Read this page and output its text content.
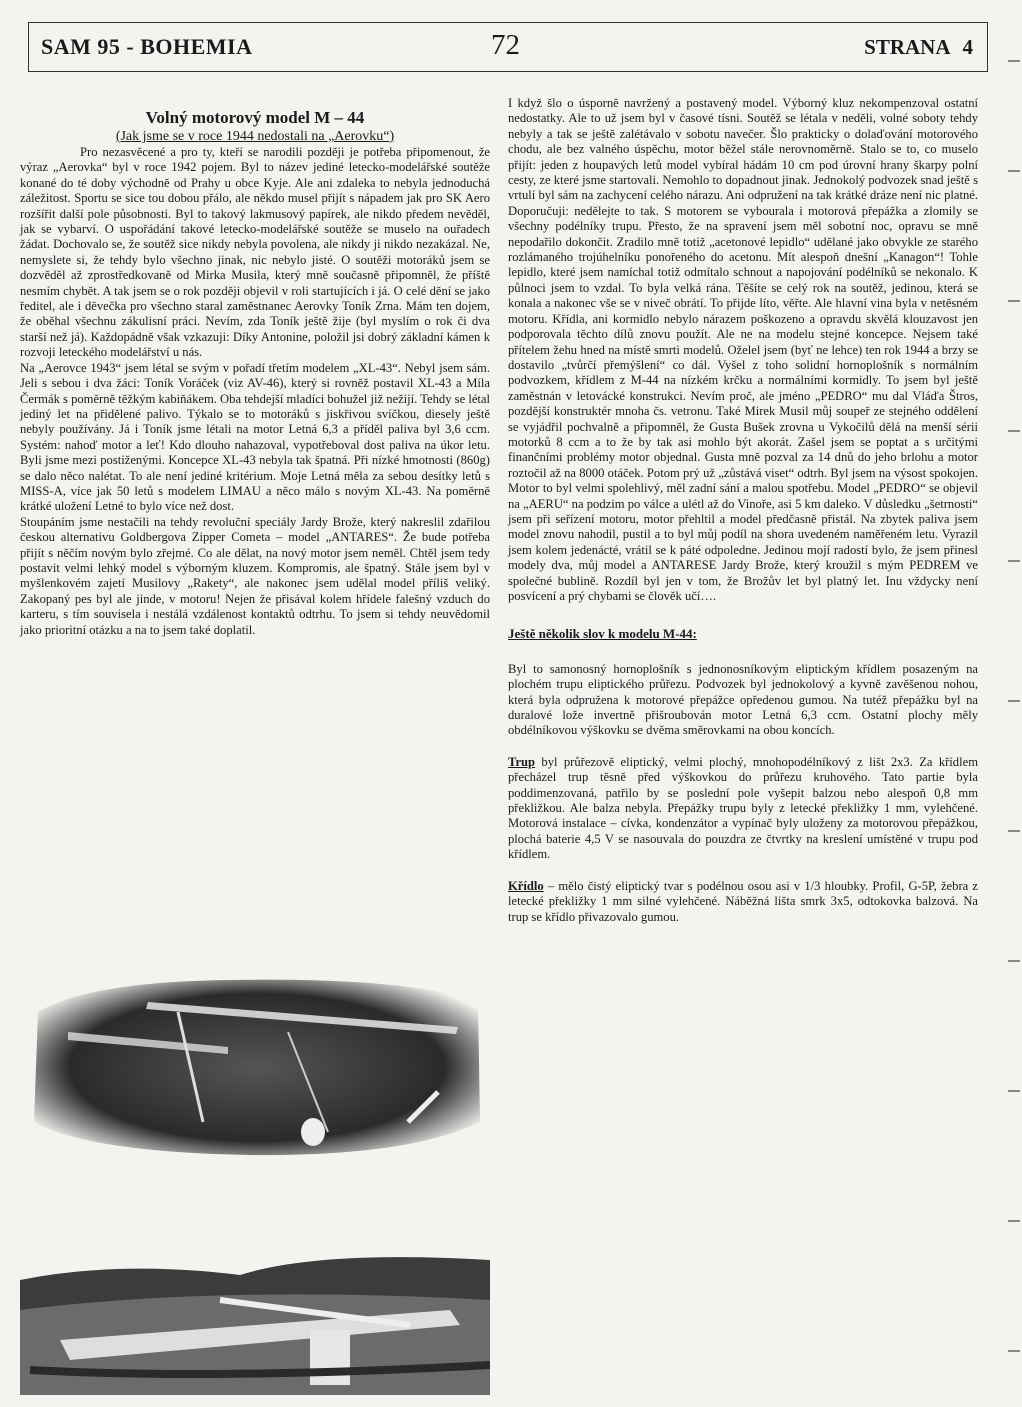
SAM 95 - BOHEMIA	72	STRANA 4

Volný motorový model M – 44

(Jak jsme se v roce 1944 nedostali na „Aerovku“)

Pro nezasvěcené a pro ty, kteří se narodili později je potřeba připomenout, že výraz „Aerovka“ byl v roce 1942 pojem. Byl to název jediné letecko-modelářské soutěže konané do té doby východně od Prahy u obce Kyje. Ale ani zdaleka to nebyla jednoduchá záležitost. Sportu se sice tou dobou přálo, ale někdo musel přijít s nápadem jak pro SK Aero rozšířit další pole působnosti. Byl to takový lakmusový papírek, ale nikdo předem nevěděl, jak se vybarví. O uspořádání takové letecko-modelářské soutěže se muselo na ouřadech žádat. Dochovalo se, že soutěž sice nikdy nebyla povolena, ale nikdy ji nikdo nezakázal. Ne, nemyslete si, že tehdy bylo všechno jinak, nic nebylo jisté. O soutěži motoráků jsem se dozvěděl až zprostředkovaně od Mirka Musila, který mně současně připomněl, že příště nesmím chybět. A tak jsem se o rok později objevil v roli startujících i já. O celé dění se jako ředitel, ale i děvečka pro všechno staral zaměstnanec Aerovky Toník Zrna. Mám ten dojem, že oběhal všechnu zákulisní práci. Nevím, zda Toník ještě žije (byl myslím o rok či dva starší než já). Každopádně však vzkazuji: Díky Antonine, položil jsi dobrý základní kámen k rozvoji leteckého modelářství u nás.

Na „Aerovce 1943“ jsem létal se svým v pořadí třetím modelem „XL-43“. Nebyl jsem sám. Jeli s sebou i dva žáci: Toník Voráček (viz AV-46), který si rovněž postavil XL-43 a Míla Čermák s poměrně těžkým kabiňákem. Oba tehdejší mladíci bohužel již nežijí. Tehdy se létal jediný let na přidělené palivo. Týkalo se to motoráků s jiskřivou svíčkou, diesely ještě nebyly používány. Já i Toník jsme létali na motor Letná 6,3 a příděl paliva byl 3,6 ccm. Systém: nahoď motor a leť! Kdo dlouho nahazoval, vypotřeboval dost paliva na úkor letu. Byli jsme mezi postiženými. Koncepce XL-43 nebyla tak špatná. Při nízké hmotnosti (860g) se dalo něco nalétat. To ale není jediné kritérium. Moje Letná měla za sebou desítky letů s MISS-A, více jak 50 letů s modelem LIMAU a něco málo s novým XL-43. Na poměrně krátké uložení Letné to bylo více než dost.

Stoupáním jsme nestačili na tehdy revoluční speciály Jardy Brože, který nakreslil zdařilou českou alternativu Goldbergova Zipper Cometa – model „ANTARES“. Že bude potřeba přijít s něčím novým bylo zřejmé. Co ale dělat, na nový motor jsem neměl. Chtěl jsem tedy postavit velmi lehký model s výborným kluzem. Kompromis, ale špatný. Stále jsem byl v myšlenkovém zajetí Musilovy „Rakety“, ale nakonec jsem udělal model příliš veliký. Zakopaný pes byl ale jinde, v motoru! Nejen že přisával kolem hřídele falešný vzduch do karteru, s tím souvisela i nestálá vzdálenost kontaktů odtrhu. To jsem si tehdy neuvědomil jako prioritní otázku a na to jsem také doplatil.

I když šlo o úsporně navržený a postavený model. Výborný kluz nekompenzoval ostatní nedostatky. Ale to už jsem byl v časové tísni. Soutěž se létala v neděli, volné soboty tehdy nebyly a tak se ještě zalétávalo v sobotu navečer. Šlo prakticky o dolaďování motorového chodu, ale bez valného úspěchu, motor běžel stále nerovnoměrně. Stalo se to, co muselo přijít: jeden z houpavých letů model vybíral hádám 10 cm pod úrovní hrany škarpy polní cesty, ze které jsme startovali. Nemohlo to dopadnout jinak. Jednokolý podvozek snad ještě s vrtulí byl sám na zachycení celého nárazu. Ani odpružení na tak krátké dráze není nic platné. Doporučuji: nedělejte to tak. S motorem se vybourala i motorová přepážka a zlomily se všechny podélníky trupu. Přesto, že na spravení jsem měl sobotní noc, opravu se mně nepodařilo dokončit. Zradilo mně totiž „acetonové lepidlo“ udělané jako obvykle ze starého rozlámaného trojúhelníku ponořeného do acetonu. Mít alespoň dnešní „Kanagon“! Tohle lepidlo, které jsem namíchal totiž odmítalo schnout a napojování podélníků se nekonalo. K půlnoci jsem to vzdal. To byla velká rána. Těšíte se celý rok na soutěž, jedinou, která se konala a nakonec vše se v niveč obrátí. To přijde líto, věřte. Ale hlavní vina byla v netěsném motoru. Křídla, ani kormidlo nebylo nárazem poškozeno a opravdu skvělá klouzavost jen podporovala těchto dílů znovu použít. Ale ne na modelu stejné koncepce. Nejsem také přítelem žehu hned na místě smrti modelů. Oželel jsem (byť ne lehce) ten rok 1944 a brzy se dostavilo „tvůrčí přemýšlení“ co dál. Vyšel z toho solidní hornoplošník s normálním podvozkem, křídlem z M-44 na nízkém krčku a normálními kormidly. To jsem byl ještě zaměstnán v letovácké konstrukci. Nevím proč, ale jméno „PEDRO“ mu dal Vláďa Štros, pozdější konstruktér mnoha čs. vetronu. Také Mirek Musil můj soupeř ze stejného oddělení se vyjádřil pochvalně a připomněl, že Gusta Bušek zrovna u Vykočilů dělá na menší sérii motorků 8 ccm a to že by tak asi mohlo být akorát. Zašel jsem se poptat a s určitými finančními problémy motor objednal. Gusta mně pozval za 14 dnů do jeho brlohu a motor roztočil až na 8000 otáček. Potom prý už „zůstává viset“ odtrh. Byl jsem na výsost spokojen. Motor to byl velmi spolehlivý, měl zadní sání a malou spotřebu. Model „PEDRO“ se objevil na „AERU“ na podzim po válce a ulétl až do Vinoře, asi 5 km daleko. V důsledku „šetrnosti“ jsem při seřízení motoru, motor přehltil a model předčasně přistál. Na zbytek paliva jsem model znovu nahodil, pustil a to byl můj podíl na shora uvedeném naměřeném letu. Vyrazil jsem kolem jedenácté, vrátil se k páté odpoledne. Jedinou mojí radostí bylo, že jsem přinesl modely dva, můj model a ANTARESE Jardy Brože, který kroužil s mým PEDREM ve společné bublině. Rozdíl byl jen v tom, že Brožův let byl platný let. Inu vždycky není posvícení a prý chybami se člověk učí….

Ještě několik slov k modelu M-44:

Byl to samonosný hornoplošník s jednonosníkovým eliptickým křídlem posazeným na plochém trupu eliptického průřezu. Podvozek byl jednokolový a kyvně zavěšenou nohou, která byla odpružena k motorové přepážce opředenou gumou. Na tutéž přepážku byl na duralové lože invertně přišroubován motor Letná 6,3 ccm. Ostatní plochy měly obdélníkovou výškovku se dvěma směrovkami na obou koncích.

Trup byl průřezově eliptický, velmi plochý, mnohopodélníkový z lišt 2x3. Za křídlem přecházel trup těsně před výškovkou do průřezu kruhového. Tato partie byla poddimenzovaná, patřilo by se poslední pole vyšepit balzou nebo alespoň 0,8 mm překližkou. Ale balza nebyla. Přepážky trupu byly z letecké překližky 1 mm, vylehčené. Motorová instalace – cívka, kondenzátor a vypínač byly uloženy za motorovou přepážkou, plochá baterie 4,5 V se nasouvala do pouzdra ze čtvrtky na kreslení umístěné v trupu pod křídlem.

Křídlo – mělo čistý eliptický tvar s podélnou osou asi v 1/3 hloubky. Profil, G-5P, žebra z letecké překližky 1 mm silné vylehčené. Náběžná lišta smrk 3x5, odtokovka balzová. Na trup se křídlo přivazovalo gumou.
